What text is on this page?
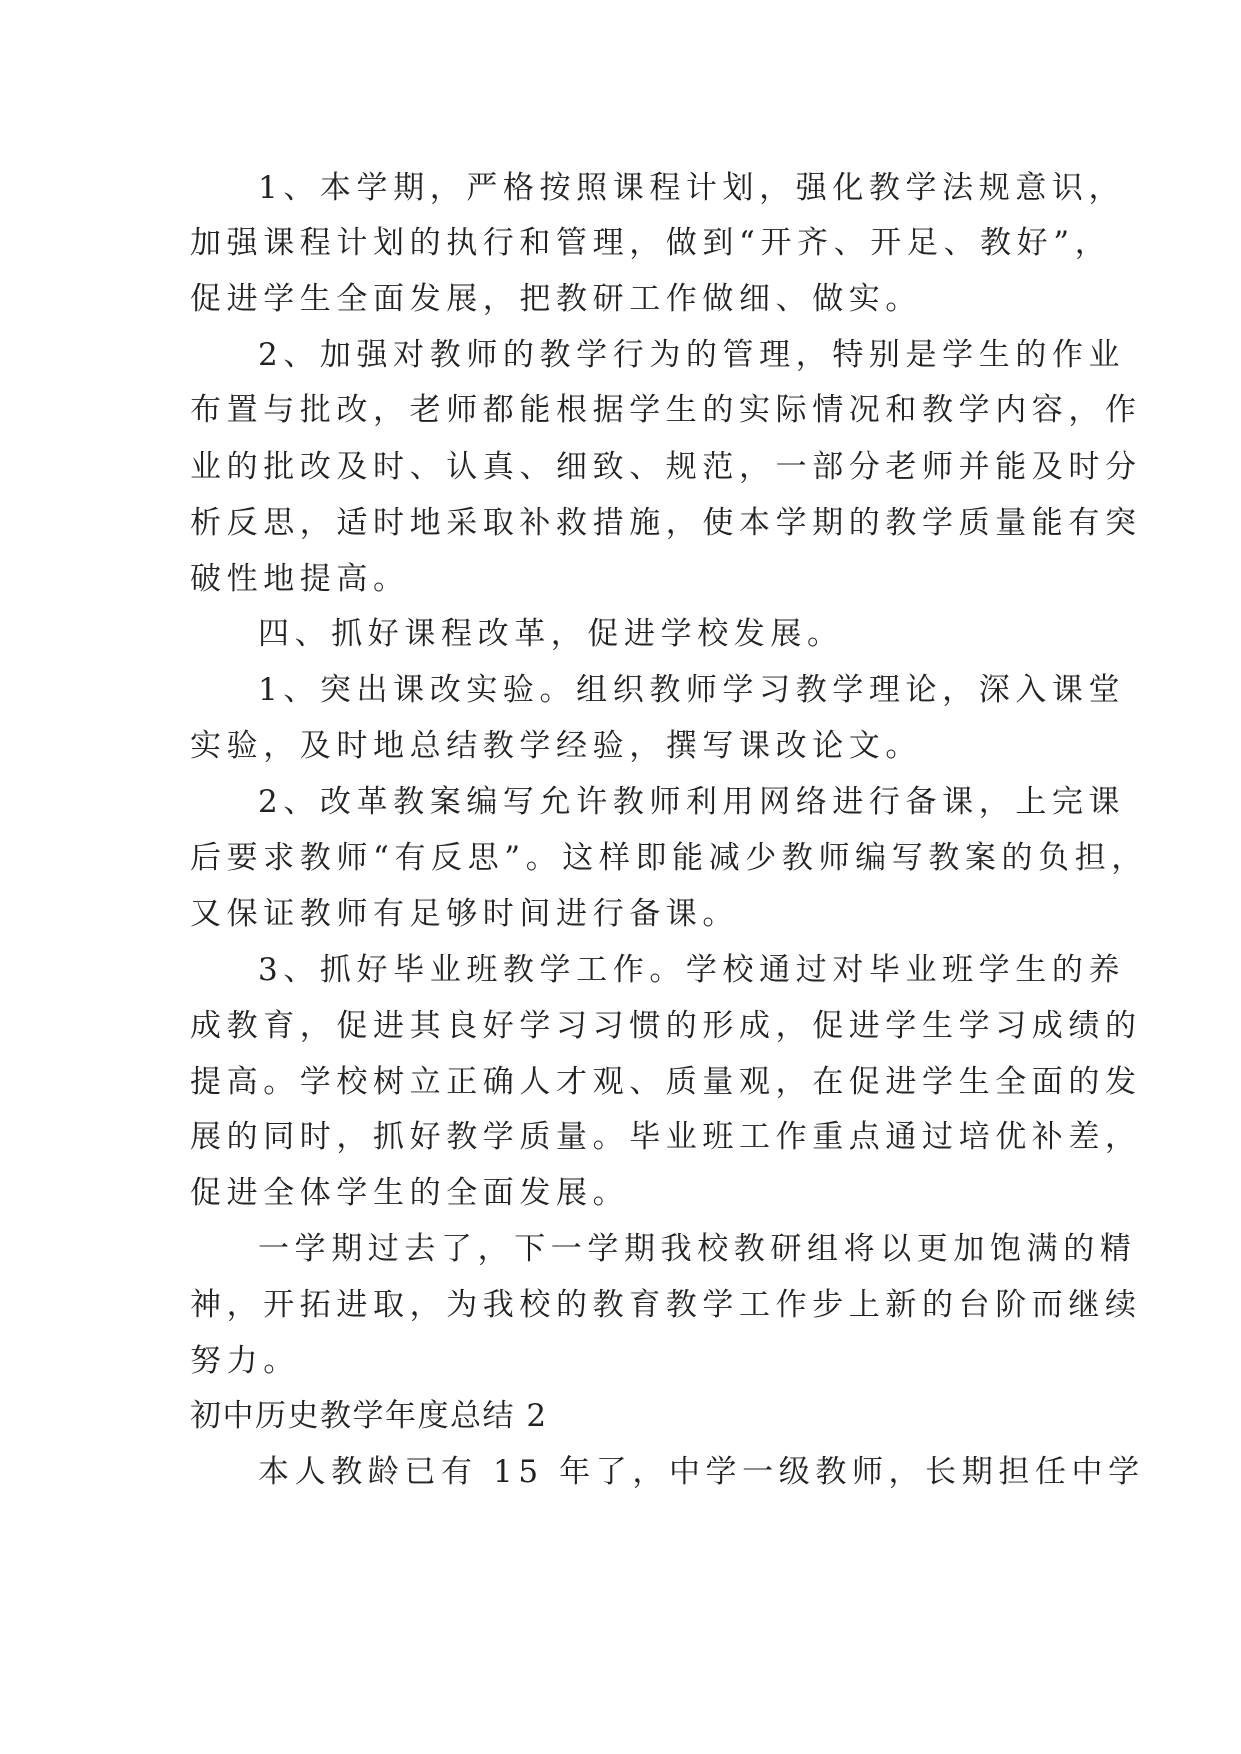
1、本学期，严格按照课程计划，强化教学法规意识，
加强课程计划的执行和管理，做到“开齐、开足、教好”，
促进学生全面发展，把教研工作做细、做实。
2、加强对教师的教学行为的管理，特别是学生的作业
布置与批改，老师都能根据学生的实际情况和教学内容，作
业的批改及时、认真、细致、规范，一部分老师并能及时分
析反思，适时地采取补救措施，使本学期的教学质量能有突
破性地提高。
四、抓好课程改革，促进学校发展。
1、突出课改实验。组织教师学习教学理论，深入课堂
实验，及时地总结教学经验，撰写课改论文。
2、改革教案编写允许教师利用网络进行备课，上完课
后要求教师“有反思”。这样即能减少教师编写教案的负担，
又保证教师有足够时间进行备课。
3、抓好毕业班教学工作。学校通过对毕业班学生的养
成教育，促进其良好学习习惯的形成，促进学生学习成绩的
提高。学校树立正确人才观、质量观，在促进学生全面的发
展的同时，抓好教学质量。毕业班工作重点通过培优补差，
促进全体学生的全面发展。
一学期过去了，下一学期我校教研组将以更加饱满的精
神，开拓进取，为我校的教育教学工作步上新的台阶而继续
努力。
初中历史教学年度总结 2
本人教龄已有 15 年了，中学一级教师，长期担任中学
